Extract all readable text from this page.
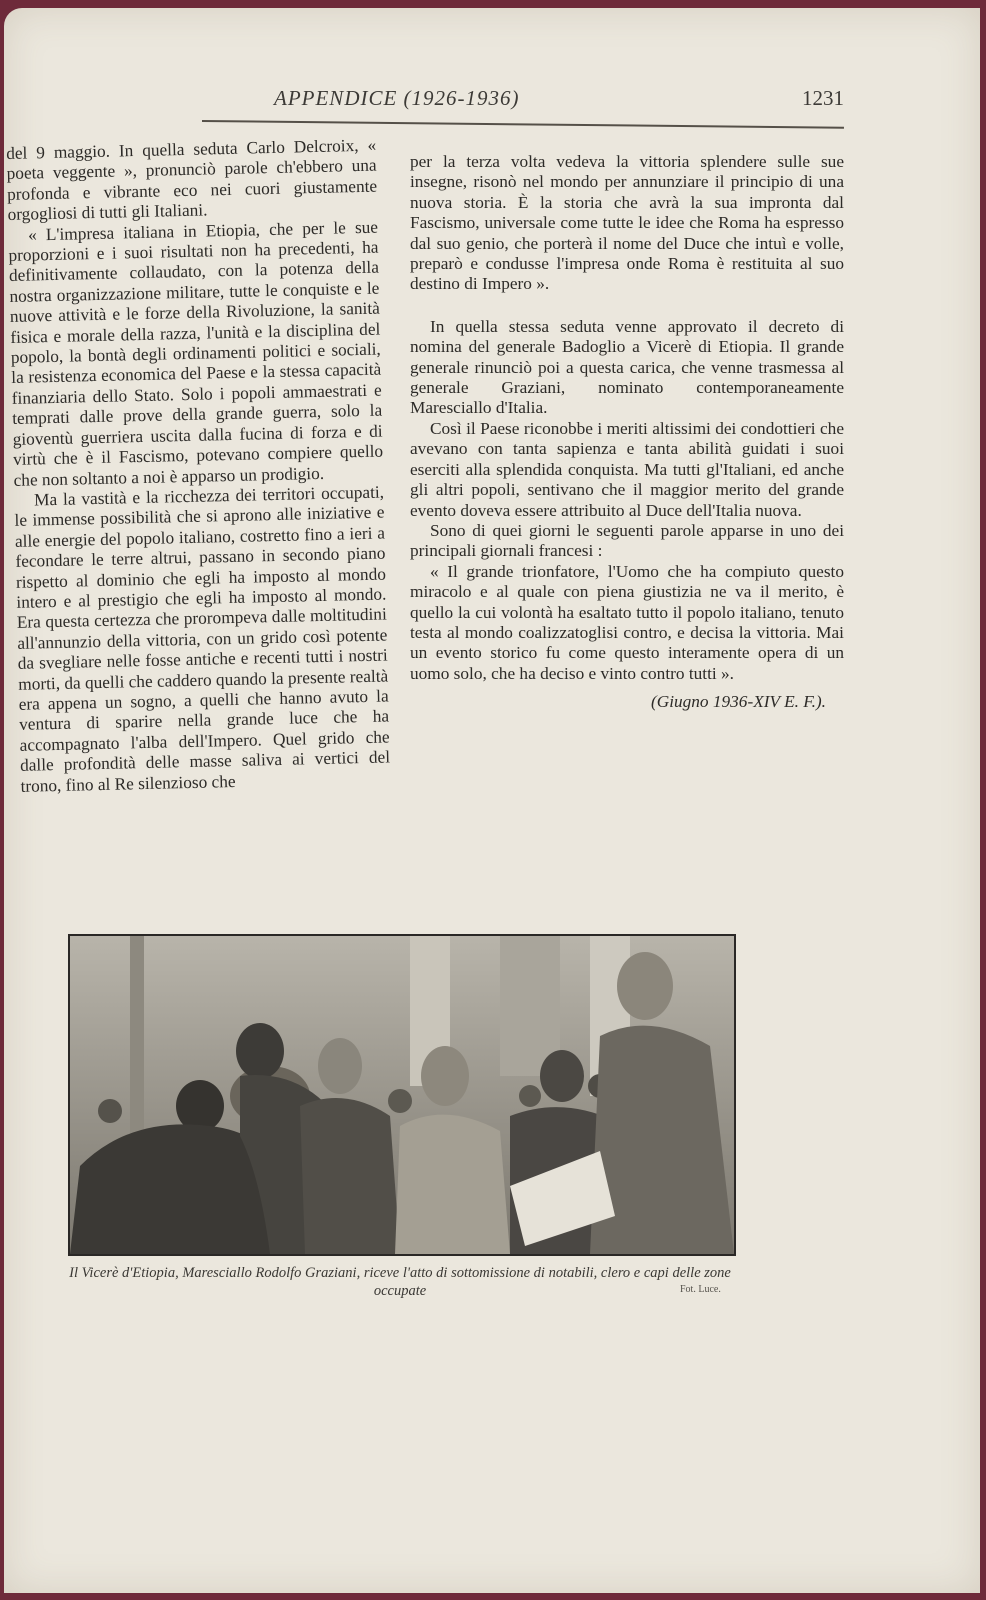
APPENDICE (1926-1936)	1231

del 9 maggio. In quella seduta Carlo Delcroix, « poeta veggente », pronunciò parole ch'ebbero una profonda e vibrante eco nei cuori giustamente orgogliosi di tutti gli Italiani.

« L'impresa italiana in Etiopia, che per le sue proporzioni e i suoi risultati non ha precedenti, ha definitivamente collaudato, con la potenza della nostra organizzazione militare, tutte le conquiste e le nuove attività e le forze della Rivoluzione, la sanità fisica e morale della razza, l'unità e la disciplina del popolo, la bontà degli ordinamenti politici e sociali, la resistenza economica del Paese e la stessa capacità finanziaria dello Stato. Solo i popoli ammaestrati e temprati dalle prove della grande guerra, solo la gioventù guerriera uscita dalla fucina di forza e di virtù che è il Fascismo, potevano compiere quello che non soltanto a noi è apparso un prodigio.

Ma la vastità e la ricchezza dei territori occupati, le immense possibilità che si aprono alle iniziative e alle energie del popolo italiano, costretto fino a ieri a fecondare le terre altrui, passano in secondo piano rispetto al dominio che egli ha imposto al mondo intero e al prestigio che egli ha imposto al mondo. Era questa certezza che prorompeva dalle moltitudini all'annunzio della vittoria, con un grido così potente da svegliare nelle fosse antiche e recenti tutti i nostri morti, da quelli che caddero quando la presente realtà era appena un sogno, a quelli che hanno avuto la ventura di sparire nella grande luce che ha accompagnato l'alba dell'Impero. Quel grido che dalle profondità delle masse saliva ai vertici del trono, fino al Re silenzioso che

per la terza volta vedeva la vittoria splendere sulle sue insegne, risonò nel mondo per annunziare il principio di una nuova storia. È la storia che avrà la sua impronta dal Fascismo, universale come tutte le idee che Roma ha espresso dal suo genio, che porterà il nome del Duce che intuì e volle, preparò e condusse l'impresa onde Roma è restituita al suo destino di Impero ».

In quella stessa seduta venne approvato il decreto di nomina del generale Badoglio a Vicerè di Etiopia. Il grande generale rinunciò poi a questa carica, che venne trasmessa al generale Graziani, nominato contemporaneamente Maresciallo d'Italia.

Così il Paese riconobbe i meriti altissimi dei condottieri che avevano con tanta sapienza e tanta abilità guidati i suoi eserciti alla splendida conquista. Ma tutti gl'Italiani, ed anche gli altri popoli, sentivano che il maggior merito del grande evento doveva essere attribuito al Duce dell'Italia nuova.

Sono di quei giorni le seguenti parole apparse in uno dei principali giornali francesi :

« Il grande trionfatore, l'Uomo che ha compiuto questo miracolo e al quale con piena giustizia ne va il merito, è quello la cui volontà ha esaltato tutto il popolo italiano, tenuto testa al mondo coalizzatoglisi contro, e decisa la vittoria. Mai un evento storico fu come questo interamente opera di un uomo solo, che ha deciso e vinto contro tutti ».

(Giugno 1936-XIV E. F.).
Il Vicerè d'Etiopia, Maresciallo Rodolfo Graziani, riceve l'atto di sottomissione di notabili, clero e capi delle zone occupate	Fot. Luce.
